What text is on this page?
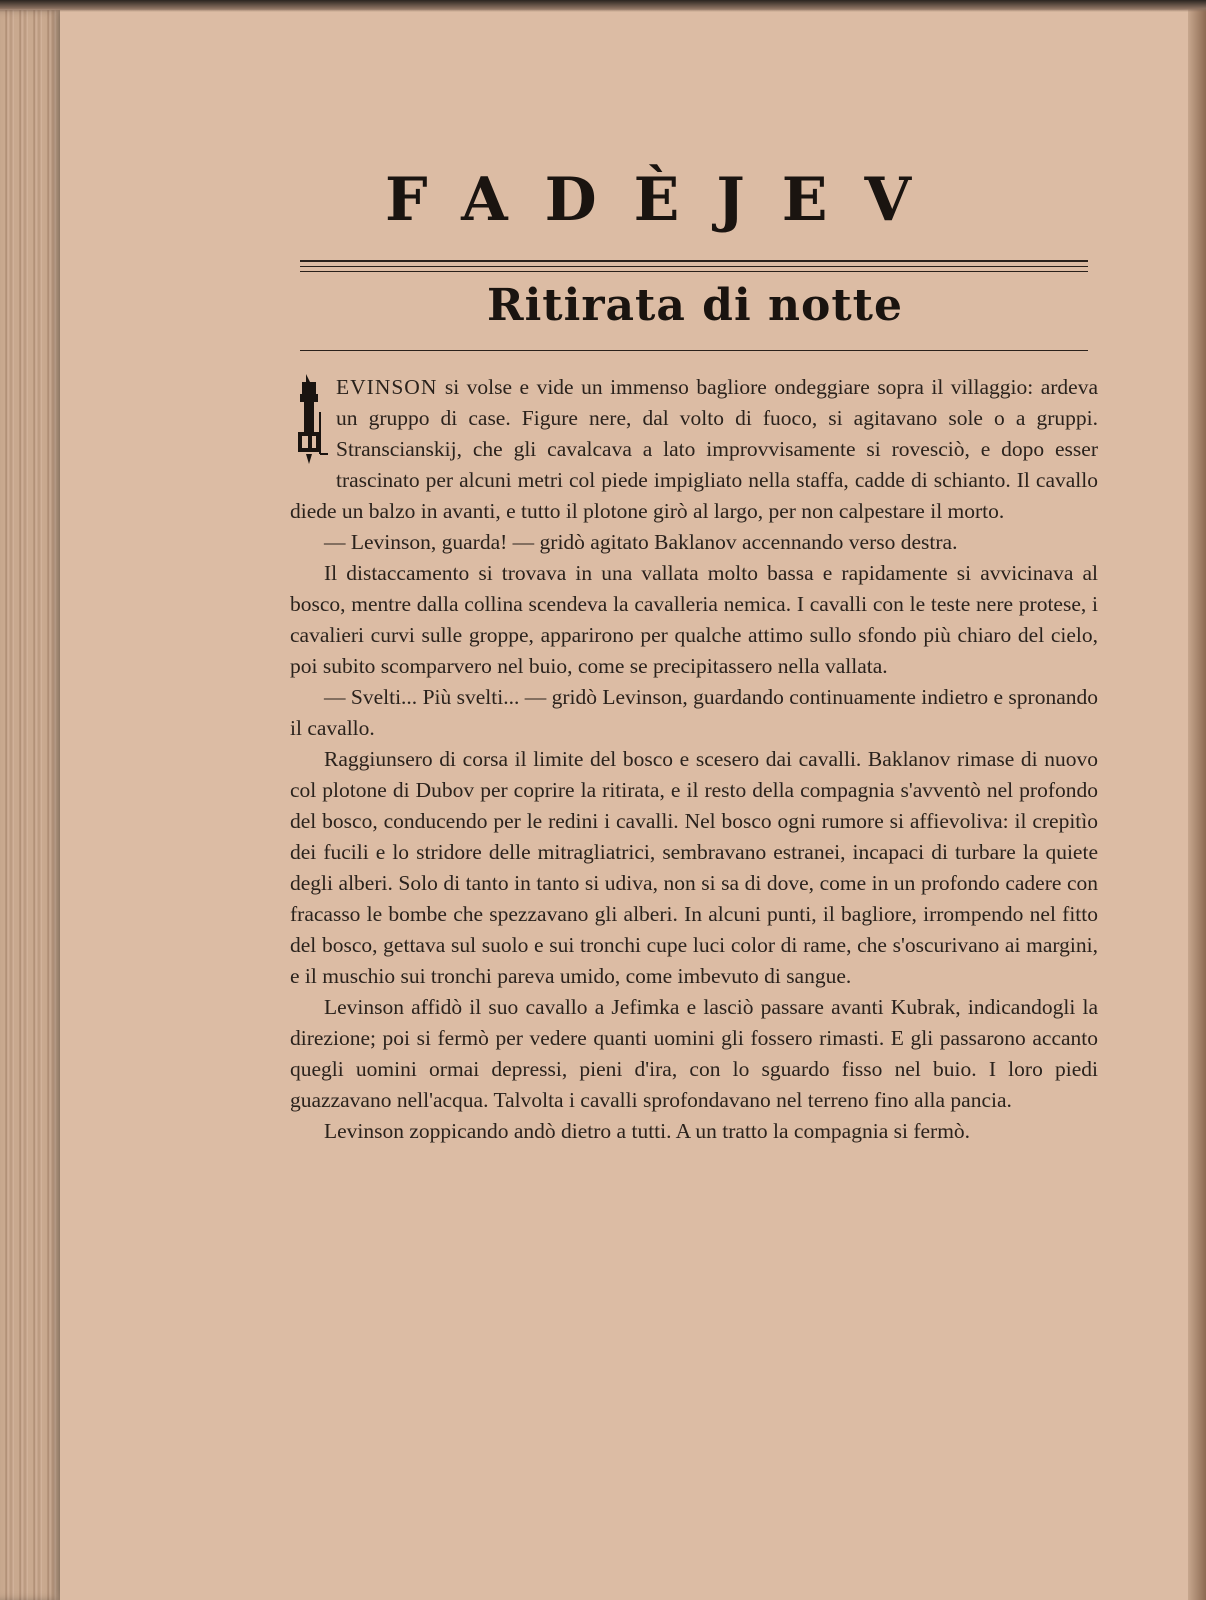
FADÈJEV
Ritirata di notte

L
EVINSON si volse e vide un immenso bagliore ondeggiare sopra il villaggio: ardeva un gruppo di case. Figure nere, dal volto di fuoco, si agitavano sole o a gruppi. Stranscianskij, che gli cavalcava a lato improvvisamente si rovesciò, e dopo esser trascinato per alcuni metri col piede impigliato nella staffa, cadde di schianto. Il cavallo diede un balzo in avanti, e tutto il plotone girò al largo, per non calpestare il morto.

— Levinson, guarda! — gridò agitato Baklanov accennando verso destra.

Il distaccamento si trovava in una vallata molto bassa e rapidamente si avvicinava al bosco, mentre dalla collina scendeva la cavalleria nemica. I cavalli con le teste nere protese, i cavalieri curvi sulle groppe, apparirono per qualche attimo sullo sfondo più chiaro del cielo, poi subito scomparvero nel buio, come se precipitassero nella vallata.

— Svelti... Più svelti... — gridò Levinson, guardando continuamente indietro e spronando il cavallo.

Raggiunsero di corsa il limite del bosco e scesero dai cavalli. Baklanov rimase di nuovo col plotone di Dubov per coprire la ritirata, e il resto della compagnia s'avventò nel profondo del bosco, conducendo per le redini i cavalli. Nel bosco ogni rumore si affievoliva: il crepitìo dei fucili e lo stridore delle mitragliatrici, sembravano estranei, incapaci di turbare la quiete degli alberi. Solo di tanto in tanto si udiva, non si sa di dove, come in un profondo cadere con fracasso le bombe che spezzavano gli alberi. In alcuni punti, il bagliore, irrompendo nel fitto del bosco, gettava sul suolo e sui tronchi cupe luci color di rame, che s'oscurivano ai margini, e il muschio sui tronchi pareva umido, come imbevuto di sangue.

Levinson affidò il suo cavallo a Jefimka e lasciò passare avanti Kubrak, indicandogli la direzione; poi si fermò per vedere quanti uomini gli fossero rimasti. E gli passarono accanto quegli uomini ormai depressi, pieni d'ira, con lo sguardo fisso nel buio. I loro piedi guazzavano nell'acqua. Talvolta i cavalli sprofondavano nel terreno fino alla pancia.

Levinson zoppicando andò dietro a tutti. A un tratto la compagnia si fermò.
